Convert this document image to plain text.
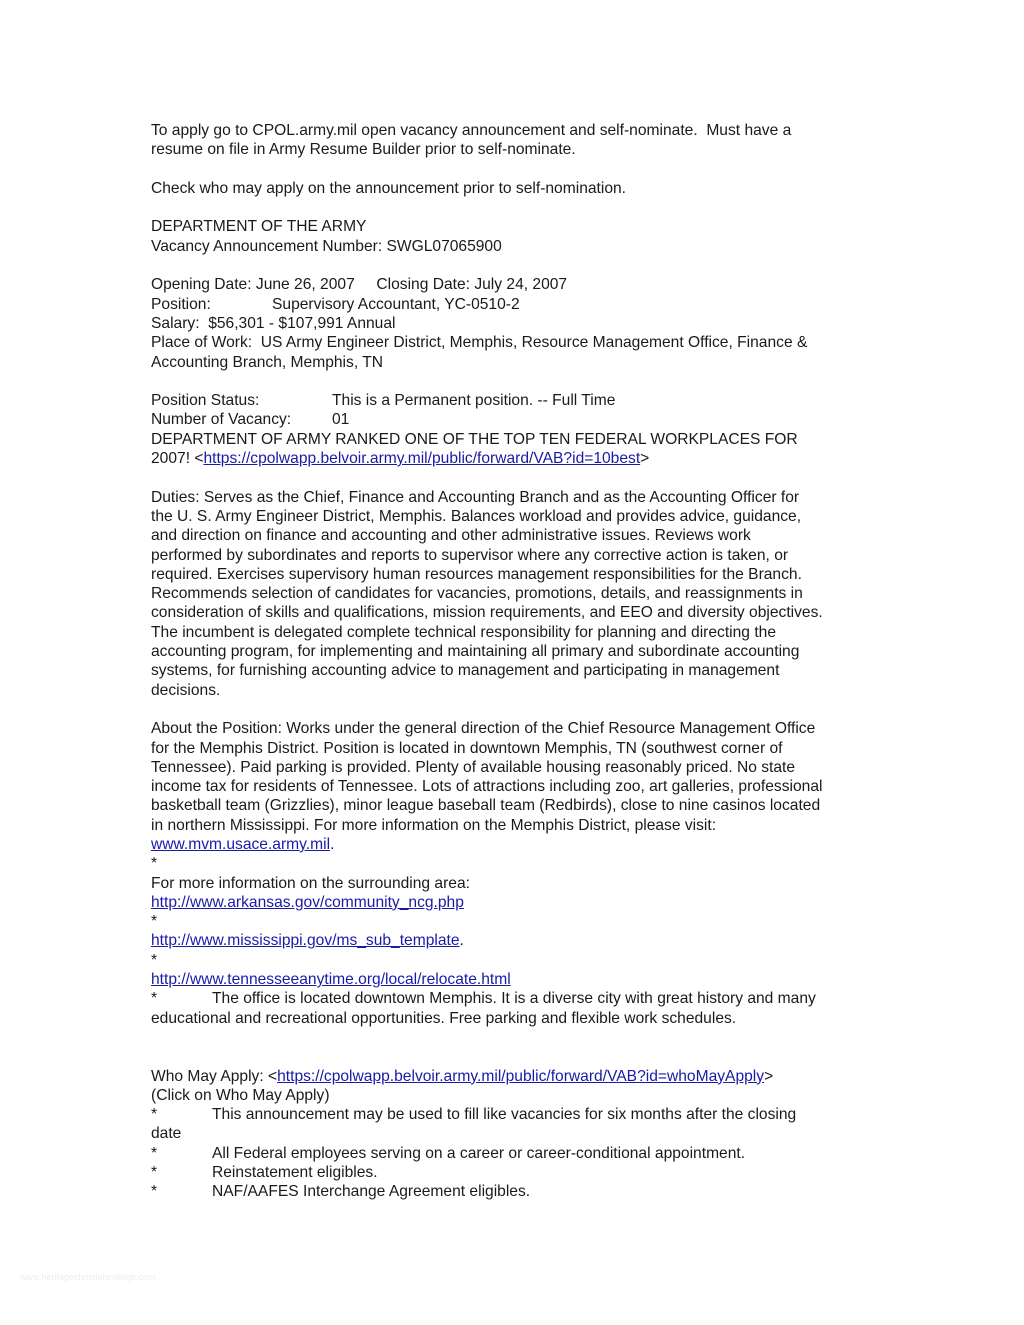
To apply go to CPOL.army.mil open vacancy announcement and self-nominate.  Must have a
resume on file in Army Resume Builder prior to self-nominate.
Check who may apply on the announcement prior to self-nomination.
DEPARTMENT OF THE ARMY
Vacancy Announcement Number: SWGL07065900
Opening Date: June 26, 2007     Closing Date: July 24, 2007
Position:	Supervisory Accountant, YC-0510-2
Salary:  $56,301 - $107,991 Annual
Place of Work:  US Army Engineer District, Memphis, Resource Management Office, Finance &
Accounting Branch, Memphis, TN
Position Status:	This is a Permanent position. -- Full Time
Number of Vacancy:	01
DEPARTMENT OF ARMY RANKED ONE OF THE TOP TEN FEDERAL WORKPLACES FOR
2007! <https://cpolwapp.belvoir.army.mil/public/forward/VAB?id=10best>
Duties: Serves as the Chief, Finance and Accounting Branch and as the Accounting Officer for
the U. S. Army Engineer District, Memphis. Balances workload and provides advice, guidance,
and direction on finance and accounting and other administrative issues. Reviews work
performed by subordinates and reports to supervisor where any corrective action is taken, or
required. Exercises supervisory human resources management responsibilities for the Branch.
Recommends selection of candidates for vacancies, promotions, details, and reassignments in
consideration of skills and qualifications, mission requirements, and EEO and diversity objectives.
The incumbent is delegated complete technical responsibility for planning and directing the
accounting program, for implementing and maintaining all primary and subordinate accounting
systems, for furnishing accounting advice to management and participating in management
decisions.
About the Position: Works under the general direction of the Chief Resource Management Office
for the Memphis District. Position is located in downtown Memphis, TN (southwest corner of
Tennessee). Paid parking is provided. Plenty of available housing reasonably priced. No state
income tax for residents of Tennessee. Lots of attractions including zoo, art galleries, professional
basketball team (Grizzlies), minor league baseball team (Redbirds), close to nine casinos located
in northern Mississippi. For more information on the Memphis District, please visit:
www.mvm.usace.army.mil.
*
For more information on the surrounding area:
http://www.arkansas.gov/community_ncg.php
*
http://www.mississippi.gov/ms_sub_template.
*
http://www.tennesseeanytime.org/local/relocate.html
*	The office is located downtown Memphis. It is a diverse city with great history and many
educational and recreational opportunities. Free parking and flexible work schedules.
Who May Apply: <https://cpolwapp.belvoir.army.mil/public/forward/VAB?id=whoMayApply>
(Click on Who May Apply)
*	This announcement may be used to fill like vacancies for six months after the closing
date
*	All Federal employees serving on a career or career-conditional appointment.
*	Reinstatement eligibles.
*	NAF/AAFES Interchange Agreement eligibles.
www.heritagechristiancollege.com
